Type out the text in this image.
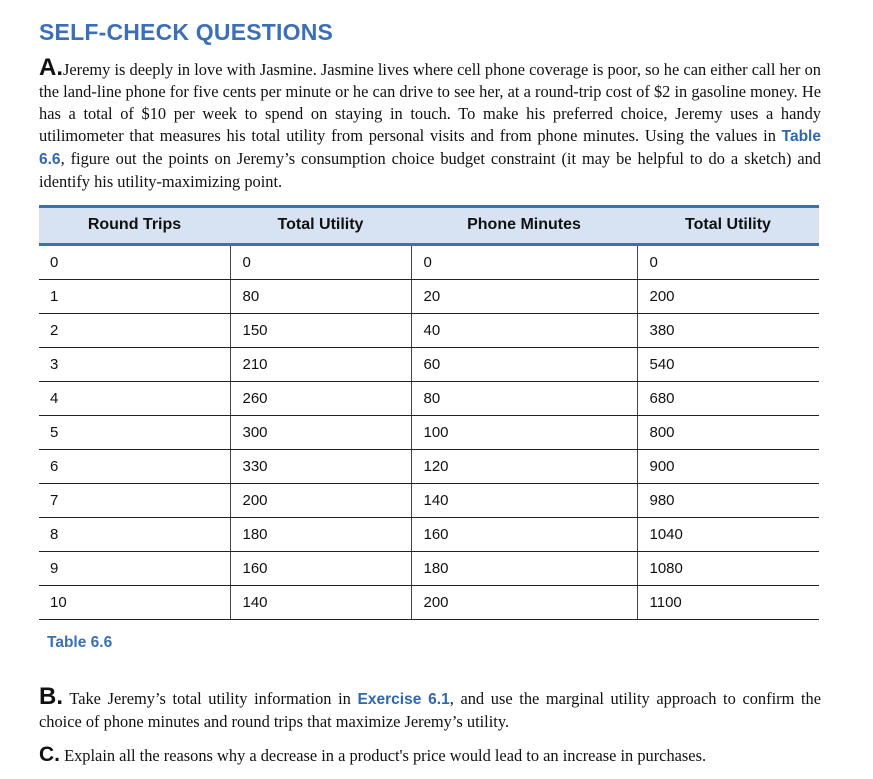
SELF-CHECK QUESTIONS
A.Jeremy is deeply in love with Jasmine. Jasmine lives where cell phone coverage is poor, so he can either call her on the land-line phone for five cents per minute or he can drive to see her, at a round-trip cost of $2 in gasoline money. He has a total of $10 per week to spend on staying in touch. To make his preferred choice, Jeremy uses a handy utilimometer that measures his total utility from personal visits and from phone minutes. Using the values in Table 6.6, figure out the points on Jeremy’s consumption choice budget constraint (it may be helpful to do a sketch) and identify his utility-maximizing point.
Round Trips	Total Utility	Phone Minutes	Total Utility
0	0	0	0
1	80	20	200
2	150	40	380
3	210	60	540
4	260	80	680
5	300	100	800
6	330	120	900
7	200	140	980
8	180	160	1040
9	160	180	1080
10	140	200	1100
Table 6.6
B. Take Jeremy’s total utility information in Exercise 6.1, and use the marginal utility approach to confirm the choice of phone minutes and round trips that maximize Jeremy’s utility.
C. Explain all the reasons why a decrease in a product's price would lead to an increase in purchases.
